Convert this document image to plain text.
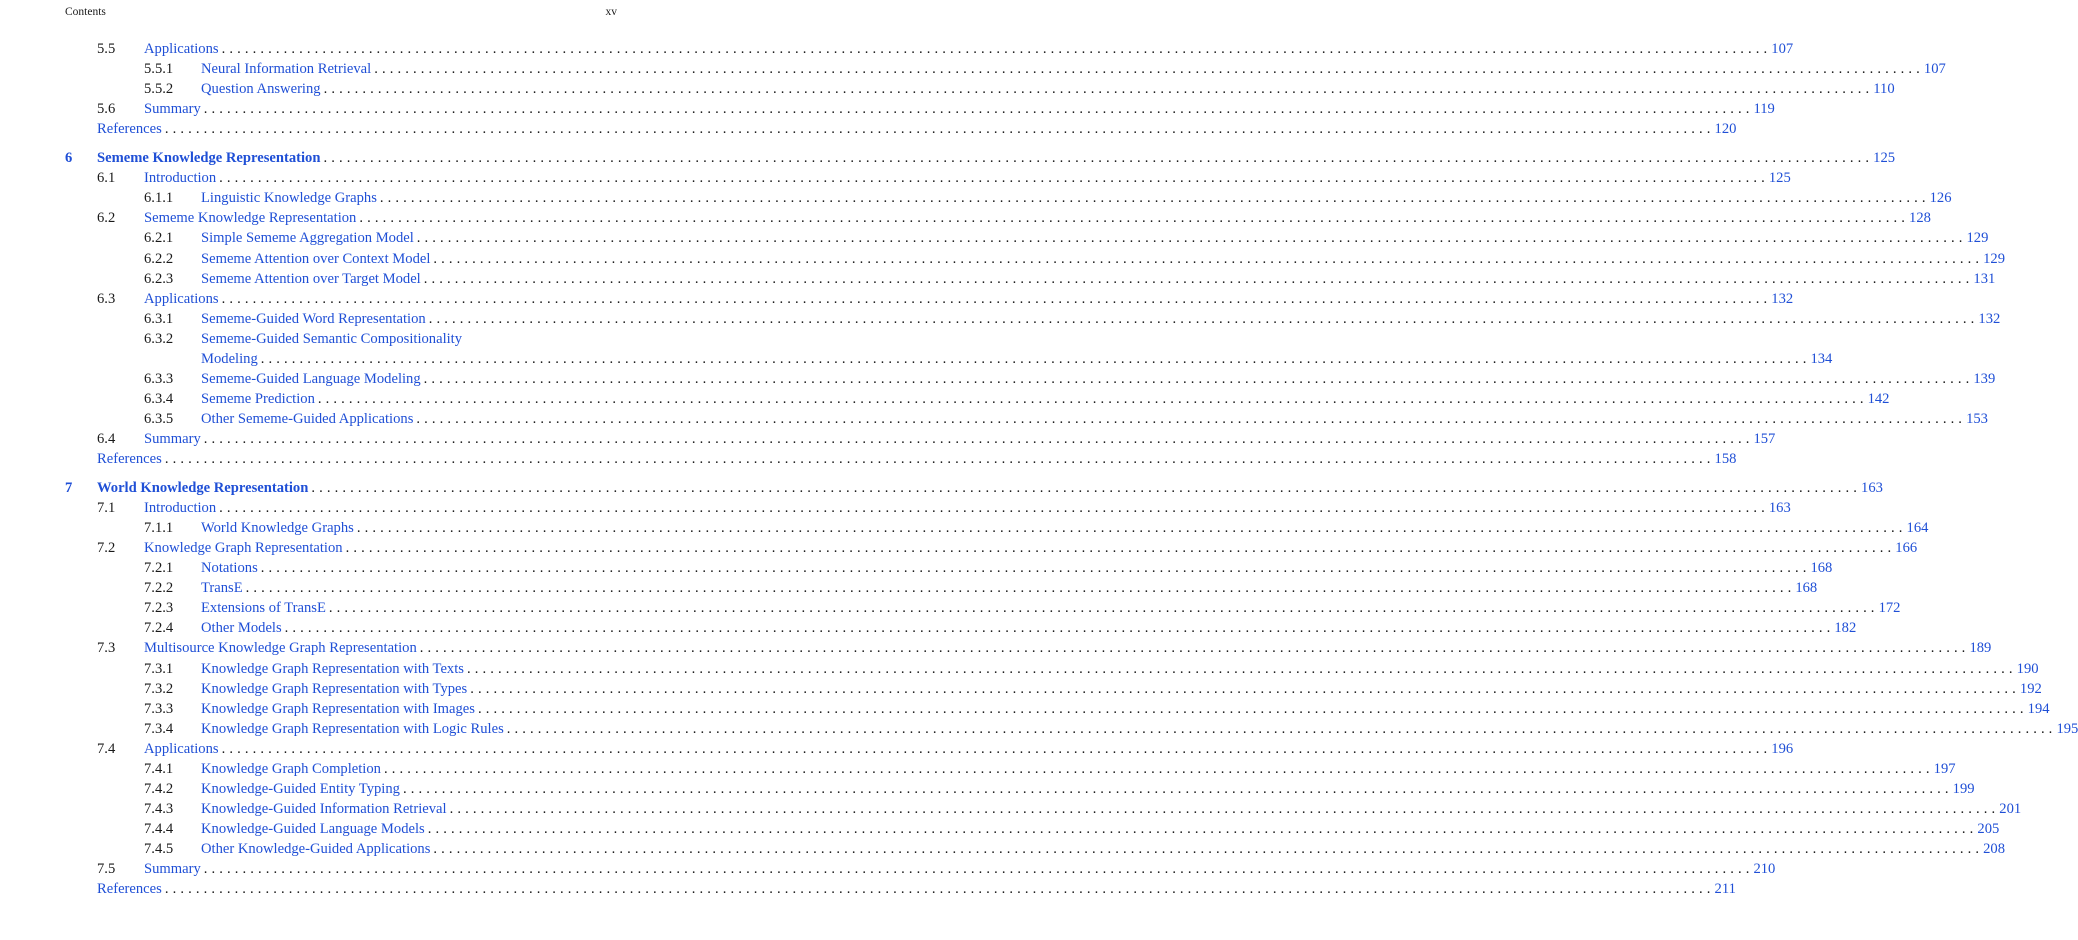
Contents	xv
5.5 Applications ........................................................................................................................................................................................................ 107
5.5.1 Neural Information Retrieval ........................................................................................................................................................................................................ 107
5.5.2 Question Answering ........................................................................................................................................................................................................ 110
5.6 Summary ........................................................................................................................................................................................................ 119
References ........................................................................................................................................................................................................ 120
6 Sememe Knowledge Representation ........................................................................................................................................................................................................ 125
6.1 Introduction ........................................................................................................................................................................................................ 125
6.1.1 Linguistic Knowledge Graphs ........................................................................................................................................................................................................ 126
6.2 Sememe Knowledge Representation ........................................................................................................................................................................................................ 128
6.2.1 Simple Sememe Aggregation Model ........................................................................................................................................................................................................ 129
6.2.2 Sememe Attention over Context Model ........................................................................................................................................................................................................ 129
6.2.3 Sememe Attention over Target Model ........................................................................................................................................................................................................ 131
6.3 Applications ........................................................................................................................................................................................................ 132
6.3.1 Sememe-Guided Word Representation ........................................................................................................................................................................................................ 132
6.3.2 Sememe-Guided Semantic Compositionality
Modeling ........................................................................................................................................................................................................ 134
6.3.3 Sememe-Guided Language Modeling ........................................................................................................................................................................................................ 139
6.3.4 Sememe Prediction ........................................................................................................................................................................................................ 142
6.3.5 Other Sememe-Guided Applications ........................................................................................................................................................................................................ 153
6.4 Summary ........................................................................................................................................................................................................ 157
References ........................................................................................................................................................................................................ 158
7 World Knowledge Representation ........................................................................................................................................................................................................ 163
7.1 Introduction ........................................................................................................................................................................................................ 163
7.1.1 World Knowledge Graphs ........................................................................................................................................................................................................ 164
7.2 Knowledge Graph Representation ........................................................................................................................................................................................................ 166
7.2.1 Notations ........................................................................................................................................................................................................ 168
7.2.2 TransE ........................................................................................................................................................................................................ 168
7.2.3 Extensions of TransE ........................................................................................................................................................................................................ 172
7.2.4 Other Models ........................................................................................................................................................................................................ 182
7.3 Multisource Knowledge Graph Representation ........................................................................................................................................................................................................ 189
7.3.1 Knowledge Graph Representation with Texts ........................................................................................................................................................................................................ 190
7.3.2 Knowledge Graph Representation with Types ........................................................................................................................................................................................................ 192
7.3.3 Knowledge Graph Representation with Images ........................................................................................................................................................................................................ 194
7.3.4 Knowledge Graph Representation with Logic Rules ........................................................................................................................................................................................................ 195
7.4 Applications ........................................................................................................................................................................................................ 196
7.4.1 Knowledge Graph Completion ........................................................................................................................................................................................................ 197
7.4.2 Knowledge-Guided Entity Typing ........................................................................................................................................................................................................ 199
7.4.3 Knowledge-Guided Information Retrieval ........................................................................................................................................................................................................ 201
7.4.4 Knowledge-Guided Language Models ........................................................................................................................................................................................................ 205
7.4.5 Other Knowledge-Guided Applications ........................................................................................................................................................................................................ 208
7.5 Summary ........................................................................................................................................................................................................ 210
References ........................................................................................................................................................................................................ 211
